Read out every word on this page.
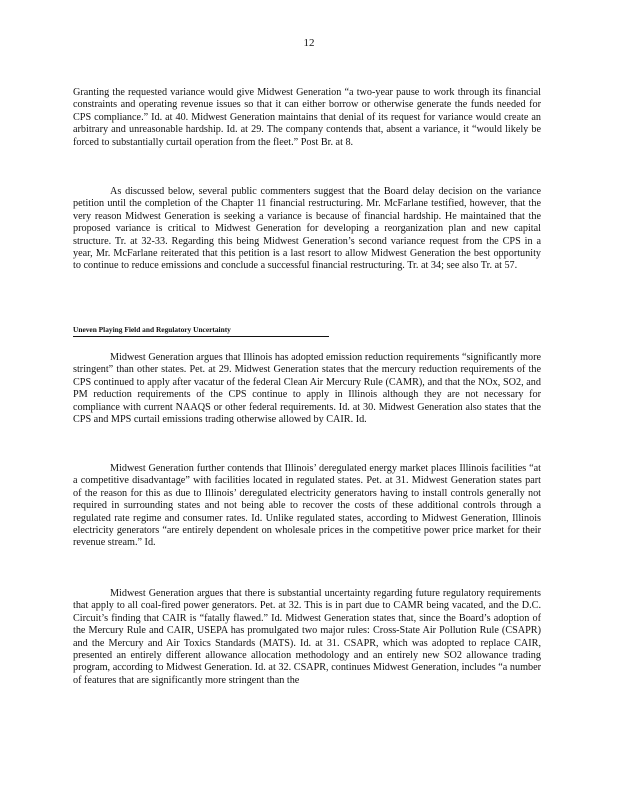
12

Granting the requested variance would give Midwest Generation “a two-year pause to work through its financial constraints and operating revenue issues so that it can either borrow or otherwise generate the funds needed for CPS compliance.” Id. at 40. Midwest Generation maintains that denial of its request for variance would create an arbitrary and unreasonable hardship. Id. at 29. The company contends that, absent a variance, it “would likely be forced to substantially curtail operation from the fleet.” Post Br. at 8.

As discussed below, several public commenters suggest that the Board delay decision on the variance petition until the completion of the Chapter 11 financial restructuring. Mr. McFarlane testified, however, that the very reason Midwest Generation is seeking a variance is because of financial hardship. He maintained that the proposed variance is critical to Midwest Generation for developing a reorganization plan and new capital structure. Tr. at 32-33. Regarding this being Midwest Generation’s second variance request from the CPS in a year, Mr. McFarlane reiterated that this petition is a last resort to allow Midwest Generation the best opportunity to continue to reduce emissions and conclude a successful financial restructuring. Tr. at 34; see also Tr. at 57.

Uneven Playing Field and Regulatory Uncertainty

Midwest Generation argues that Illinois has adopted emission reduction requirements “significantly more stringent” than other states. Pet. at 29. Midwest Generation states that the mercury reduction requirements of the CPS continued to apply after vacatur of the federal Clean Air Mercury Rule (CAMR), and that the NOx, SO2, and PM reduction requirements of the CPS continue to apply in Illinois although they are not necessary for compliance with current NAAQS or other federal requirements. Id. at 30. Midwest Generation also states that the CPS and MPS curtail emissions trading otherwise allowed by CAIR. Id.

Midwest Generation further contends that Illinois’ deregulated energy market places Illinois facilities “at a competitive disadvantage” with facilities located in regulated states. Pet. at 31. Midwest Generation states part of the reason for this as due to Illinois’ deregulated electricity generators having to install controls generally not required in surrounding states and not being able to recover the costs of these additional controls through a regulated rate regime and consumer rates. Id. Unlike regulated states, according to Midwest Generation, Illinois electricity generators “are entirely dependent on wholesale prices in the competitive power price market for their revenue stream.” Id.

Midwest Generation argues that there is substantial uncertainty regarding future regulatory requirements that apply to all coal-fired power generators. Pet. at 32. This is in part due to CAMR being vacated, and the D.C. Circuit’s finding that CAIR is “fatally flawed.” Id. Midwest Generation states that, since the Board’s adoption of the Mercury Rule and CAIR, USEPA has promulgated two major rules: Cross-State Air Pollution Rule (CSAPR) and the Mercury and Air Toxics Standards (MATS). Id. at 31. CSAPR, which was adopted to replace CAIR, presented an entirely different allowance allocation methodology and an entirely new SO2 allowance trading program, according to Midwest Generation. Id. at 32. CSAPR, continues Midwest Generation, includes “a number of features that are significantly more stringent than the
